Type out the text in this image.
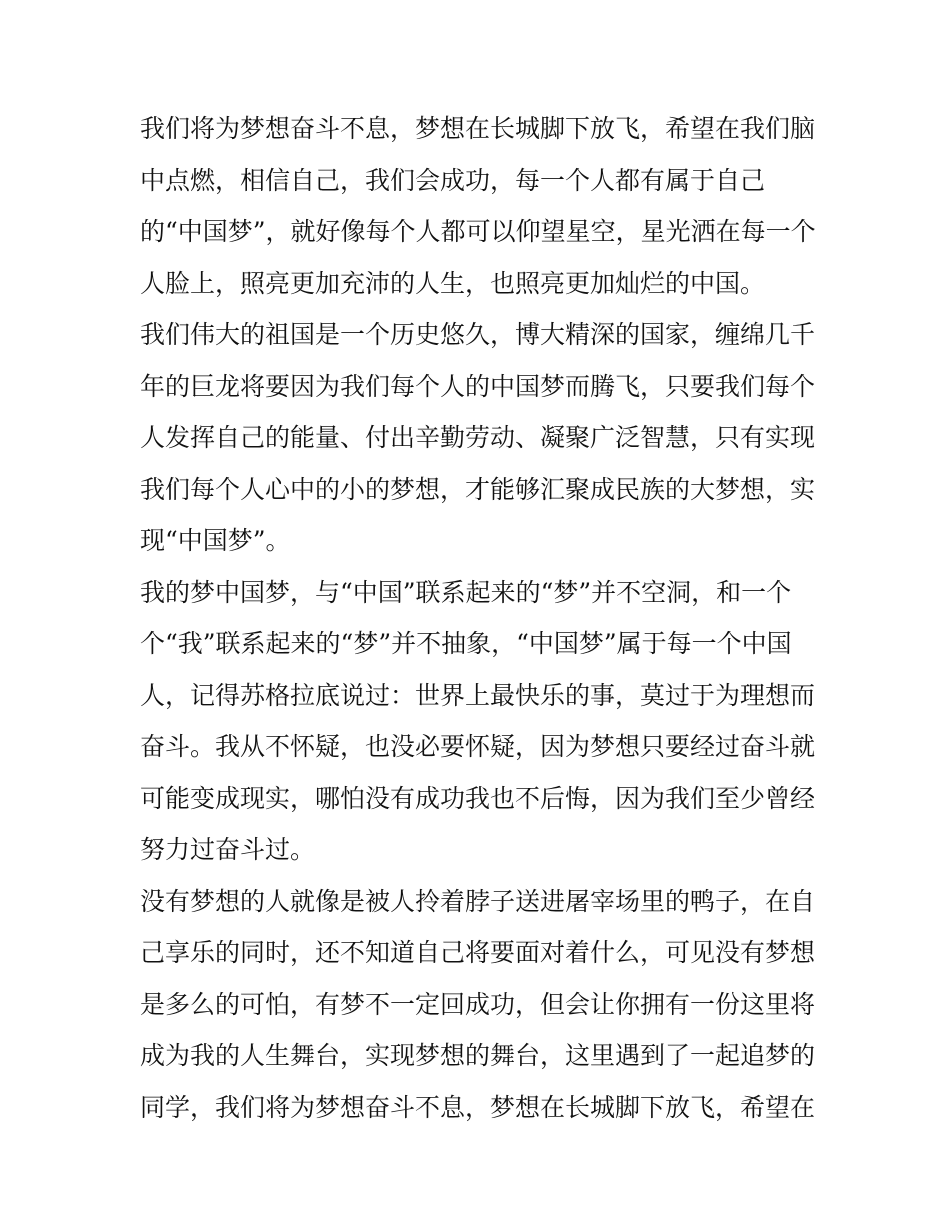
我们将为梦想奋斗不息，梦想在长城脚下放飞，希望在我们脑
中点燃，相信自己，我们会成功，每一个人都有属于自己
的“中国梦”，就好像每个人都可以仰望星空，星光洒在每一个
人脸上，照亮更加充沛的人生，也照亮更加灿烂的中国。
我们伟大的祖国是一个历史悠久，博大精深的国家，缠绵几千
年的巨龙将要因为我们每个人的中国梦而腾飞，只要我们每个
人发挥自己的能量、付出辛勤劳动、凝聚广泛智慧，只有实现
我们每个人心中的小的梦想，才能够汇聚成民族的大梦想，实
现“中国梦”。
我的梦中国梦，与“中国”联系起来的“梦”并不空洞，和一个
个“我”联系起来的“梦”并不抽象，“中国梦”属于每一个中国
人，记得苏格拉底说过：世界上最快乐的事，莫过于为理想而
奋斗。我从不怀疑，也没必要怀疑，因为梦想只要经过奋斗就
可能变成现实，哪怕没有成功我也不后悔，因为我们至少曾经
努力过奋斗过。
没有梦想的人就像是被人拎着脖子送进屠宰场里的鸭子，在自
己享乐的同时，还不知道自己将要面对着什么，可见没有梦想
是多么的可怕，有梦不一定回成功，但会让你拥有一份这里将
成为我的人生舞台，实现梦想的舞台，这里遇到了一起追梦的
同学，我们将为梦想奋斗不息，梦想在长城脚下放飞，希望在
